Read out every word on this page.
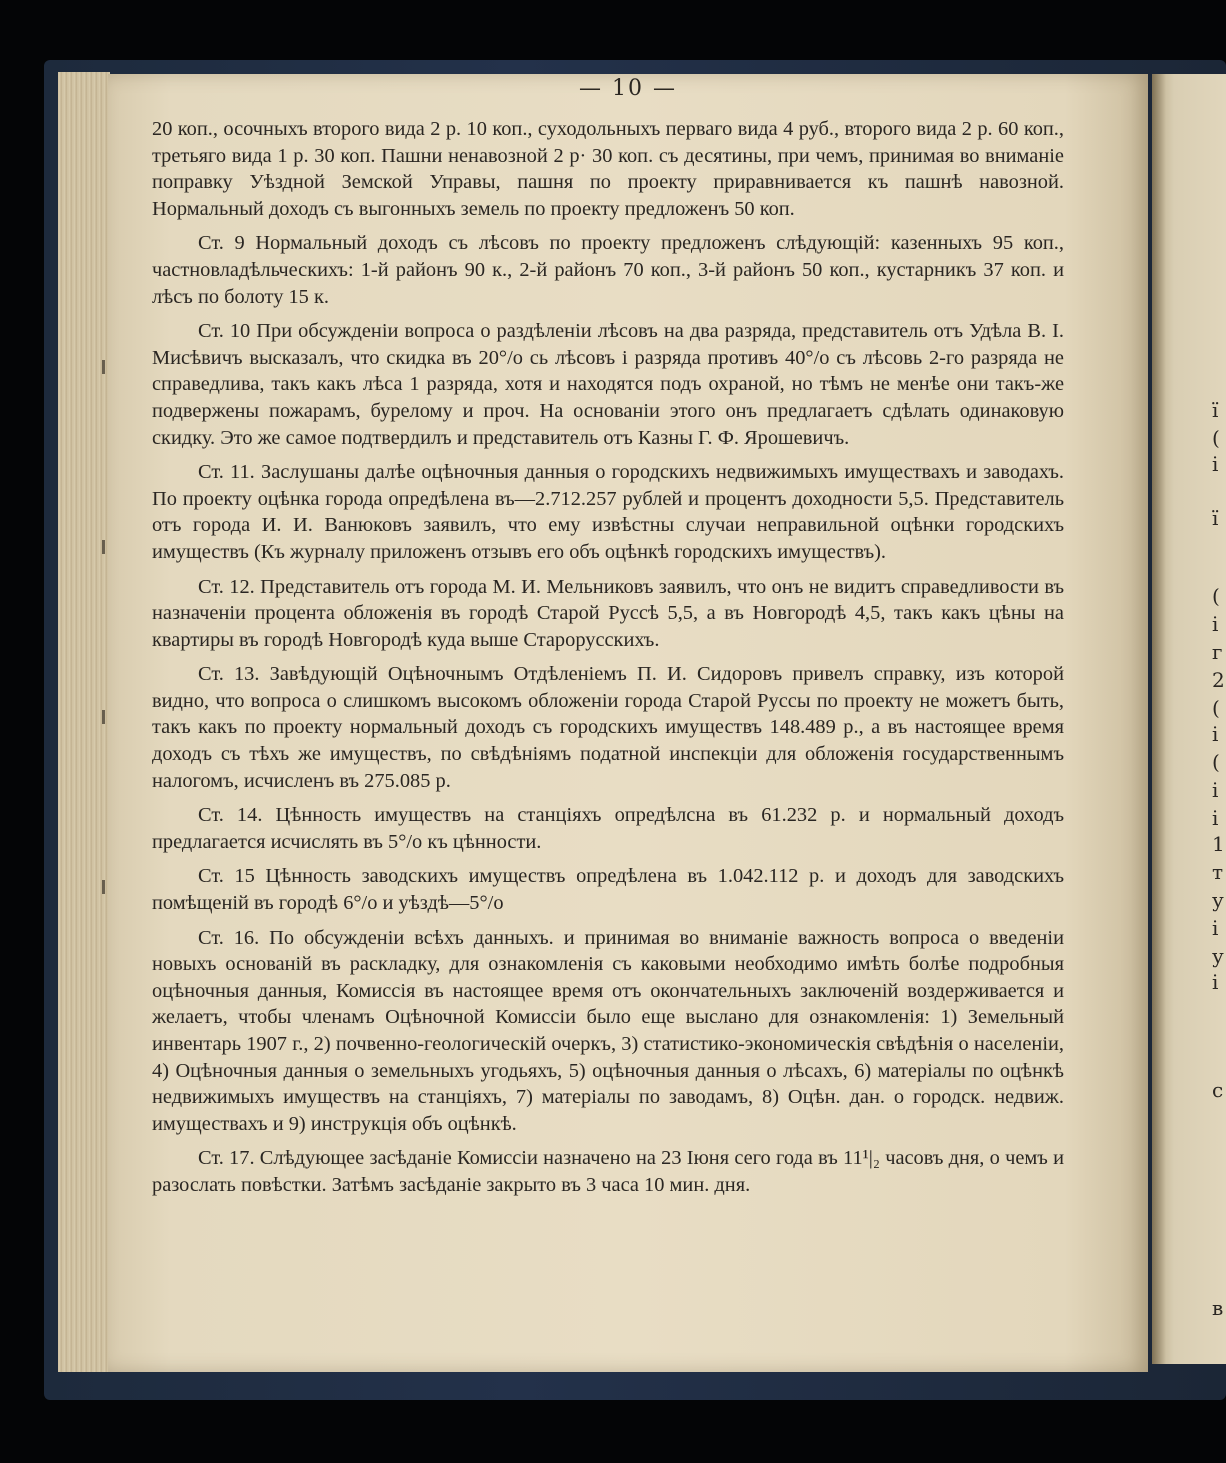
ї
(
і
ї
(
і
г
2
(
і
(
і
і
1
т
у
і
у
і
с
в
— 10 —

20 коп., осочныхъ второго вида 2 р. 10 коп., суходольныхъ перваго вида 4 руб., второго вида 2 р. 60 коп., третьяго вида 1 р. 30 коп. Пашни ненавозной 2 р· 30 коп. съ десятины, при чемъ, принимая во вниманіе поправку Уѣздной Земской Управы, пашня по проекту приравнивается къ пашнѣ навозной. Нормальный доходъ съ выгонныхъ земель по проекту предложенъ 50 коп.

Ст. 9 Нормальный доходъ съ лѣсовъ по проекту предложенъ слѣдующій: казенныхъ 95 коп., частновладѣльческихъ: 1-й районъ 90 к., 2-й районъ 70 коп., 3-й районъ 50 коп., кустарникъ 37 коп. и лѣсъ по болоту 15 к.

Ст. 10 При обсужденіи вопроса о раздѣленіи лѣсовъ на два разряда, представитель отъ Удѣла В. І. Мисѣвичъ высказалъ, что скидка въ 20°/о сь лѣсовъ і разряда противъ 40°/о съ лѣсовь 2-го разряда не справедлива, такъ какъ лѣса 1 разряда, хотя и находятся подъ охраной, но тѣмъ не менѣе они такъ-же подвержены пожарамъ, бурелому и проч. На основаніи этого онъ предлагаетъ сдѣлать одинаковую скидку. Это же самое подтвердилъ и представитель отъ Казны Г. Ф. Ярошевичъ.

Ст. 11. Заслушаны далѣе оцѣночныя данныя о городскихъ недвижимыхъ имуществахъ и заводахъ. По проекту оцѣнка города опредѣлена въ—2.712.257 рублей и процентъ доходности 5,5. Представитель отъ города И. И. Ванюковъ заявилъ, что ему извѣстны случаи неправильной оцѣнки городскихъ имуществъ (Къ журналу приложенъ отзывъ его объ оцѣнкѣ городскихъ имуществъ).

Ст. 12. Представитель отъ города М. И. Мельниковъ заявилъ, что онъ не видитъ справедливости въ назначеніи процента обложенія въ городѣ Старой Руссѣ 5,5, а въ Новгородѣ 4,5, такъ какъ цѣны на квартиры въ городѣ Новгородѣ куда выше Старорусскихъ.

Ст. 13. Завѣдующій Оцѣночнымъ Отдѣленіемъ П. И. Сидоровъ привелъ справку, изъ которой видно, что вопроса о слишкомъ высокомъ обложеніи города Старой Руссы по проекту не можетъ быть, такъ какъ по проекту нормальный доходъ съ городскихъ имуществъ 148.489 р., а въ настоящее время доходъ съ тѣхъ же имуществъ, по свѣдѣніямъ податной инспекціи для обложенія государственнымъ налогомъ, исчисленъ въ 275.085 р.

Ст. 14. Цѣнность имуществъ на станціяхъ опредѣлсна въ 61.232 р. и нормальный доходъ предлагается исчислять въ 5°/о къ цѣнности.

Ст. 15 Цѣнность заводскихъ имуществъ опредѣлена въ 1.042.112 р. и доходъ для заводскихъ помѣщеній въ городѣ 6°/о и уѣздѣ—5°/о

Ст. 16. По обсужденіи всѣхъ данныхъ. и принимая во вниманіе важность вопроса о введеніи новыхъ основаній въ раскладку, для ознакомленія съ каковыми необходимо имѣть болѣе подробныя оцѣночныя данныя, Комиссія въ настоящее время отъ окончательныхъ заключеній воздерживается и желаетъ, чтобы членамъ Оцѣночной Комиссіи было еще выслано для ознакомленія: 1) Земельный инвентарь 1907 г., 2) почвенно-геологическій очеркъ, 3) статистико-экономическія свѣдѣнія о населеніи, 4) Оцѣночныя данныя о земельныхъ угодьяхъ, 5) оцѣночныя данныя о лѣсахъ, 6) матеріалы по оцѣнкѣ недвижимыхъ имуществъ на станціяхъ, 7) матеріалы по заводамъ, 8) Оцѣн. дан. о городск. недвиж. имуществахъ и 9) инструкція объ оцѣнкѣ.

Ст. 17. Слѣдующее засѣданіе Комиссіи назначено на 23 Іюня сего года въ 11¹|₂ часовъ дня, о чемъ и разослать повѣстки. Затѣмъ засѣданіе закрыто въ 3 часа 10 мин. дня.
